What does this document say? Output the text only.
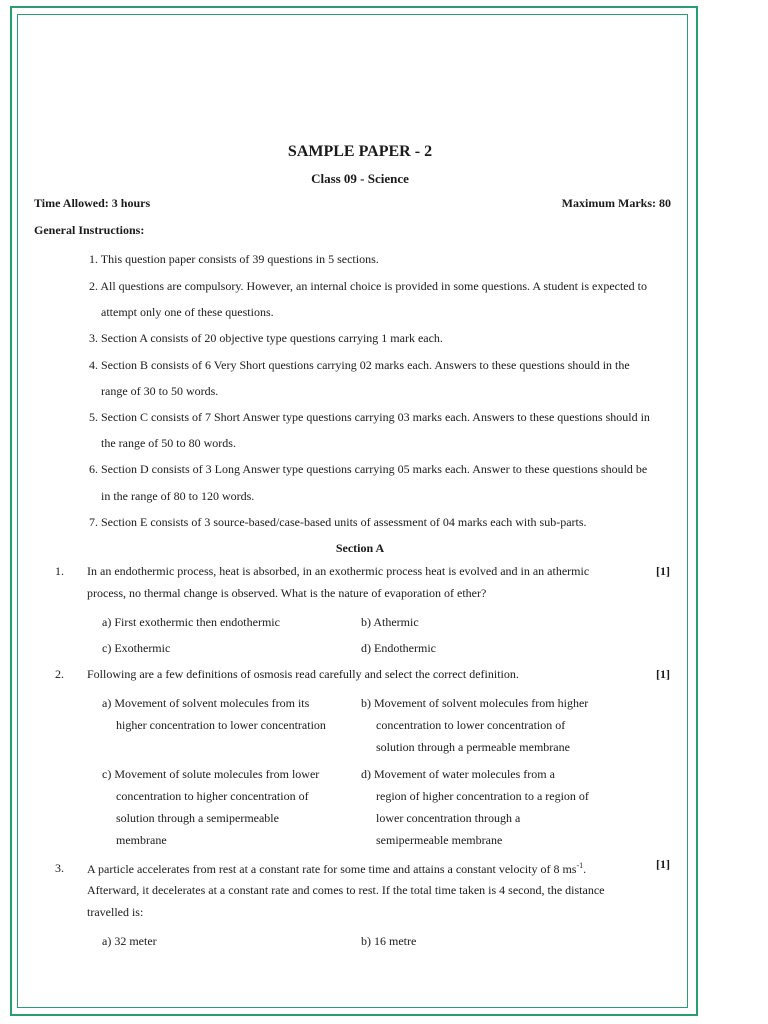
SAMPLE PAPER - 2
Class 09 - Science
Time Allowed: 3 hours	Maximum Marks: 80
General Instructions:
1. This question paper consists of 39 questions in 5 sections.
2. All questions are compulsory. However, an internal choice is provided in some questions. A student is expected to
attempt only one of these questions.
3. Section A consists of 20 objective type questions carrying 1 mark each.
4. Section B consists of 6 Very Short questions carrying 02 marks each. Answers to these questions should in the
range of 30 to 50 words.
5. Section C consists of 7 Short Answer type questions carrying 03 marks each. Answers to these questions should in
the range of 50 to 80 words.
6. Section D consists of 3 Long Answer type questions carrying 05 marks each. Answer to these questions should be
in the range of 80 to 120 words.
7. Section E consists of 3 source-based/case-based units of assessment of 04 marks each with sub-parts.
Section A
1. In an endothermic process, heat is absorbed, in an exothermic process heat is evolved and in an athermic
process, no thermal change is observed. What is the nature of evaporation of ether?
[1]
a) First exothermic then endothermic	b) Athermic
c) Exothermic	d) Endothermic
2. Following are a few definitions of osmosis read carefully and select the correct definition.	[1]
a) Movement of solvent molecules from its
higher concentration to lower concentration
b) Movement of solvent molecules from higher
concentration to lower concentration of
solution through a permeable membrane
c) Movement of solute molecules from lower
concentration to higher concentration of
solution through a semipermeable
membrane
d) Movement of water molecules from a
region of higher concentration to a region of
lower concentration through a
semipermeable membrane
3. A particle accelerates from rest at a constant rate for some time and attains a constant velocity of 8 $ms^{-1}$.	[1]
Afterward, it decelerates at a constant rate and comes to rest. If the total time taken is 4 second, the distance
travelled is:
a) 32 meter	b) 16 metre
